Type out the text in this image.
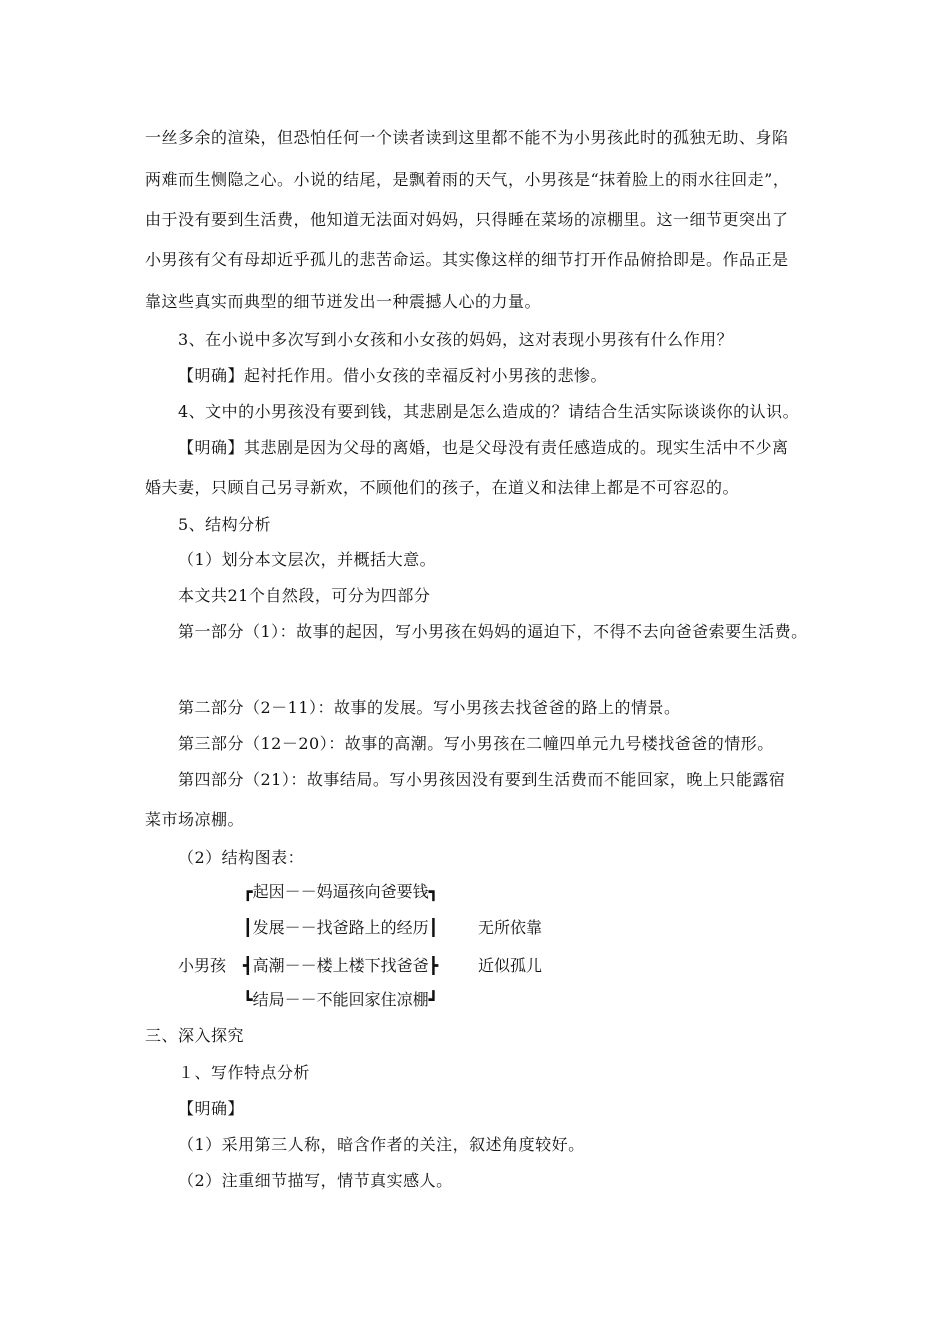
一丝多余的渲染，但恐怕任何一个读者读到这里都不能不为小男孩此时的孤独无助、身陷
两难而生恻隐之心。小说的结尾，是飘着雨的天气，小男孩是“抹着脸上的雨水往回走”，
由于没有要到生活费，他知道无法面对妈妈，只得睡在菜场的凉棚里。这一细节更突出了
小男孩有父有母却近乎孤儿的悲苦命运。其实像这样的细节打开作品俯拾即是。作品正是
靠这些真实而典型的细节迸发出一种震撼人心的力量。
3、在小说中多次写到小女孩和小女孩的妈妈，这对表现小男孩有什么作用？
【明确】起衬托作用。借小女孩的幸福反衬小男孩的悲惨。
4、文中的小男孩没有要到钱，其悲剧是怎么造成的？请结合生活实际谈谈你的认识。
【明确】其悲剧是因为父母的离婚，也是父母没有责任感造成的。现实生活中不少离
婚夫妻，只顾自己另寻新欢，不顾他们的孩子，在道义和法律上都是不可容忍的。
5、结构分析
（1）划分本文层次，并概括大意。
本文共21个自然段，可分为四部分
第一部分（1）：故事的起因，写小男孩在妈妈的逼迫下，不得不去向爸爸索要生活费。
第二部分（2－11）：故事的发展。写小男孩去找爸爸的路上的情景。
第三部分（12－20）：故事的高潮。写小男孩在二幢四单元九号楼找爸爸的情形。
第四部分（21）：故事结局。写小男孩因没有要到生活费而不能回家，晚上只能露宿
菜市场凉棚。
（2）结构图表：
┏起因－－妈逼孩向爸要钱┓
┃发展－－找爸路上的经历┃ 无所依靠
小男孩 ┫高潮－－楼上楼下找爸爸┣ 近似孤儿
┗结局－－不能回家住凉棚┛
三、深入探究
１、写作特点分析
【明确】
（1）采用第三人称，暗含作者的关注，叙述角度较好。
（2）注重细节描写，情节真实感人。
